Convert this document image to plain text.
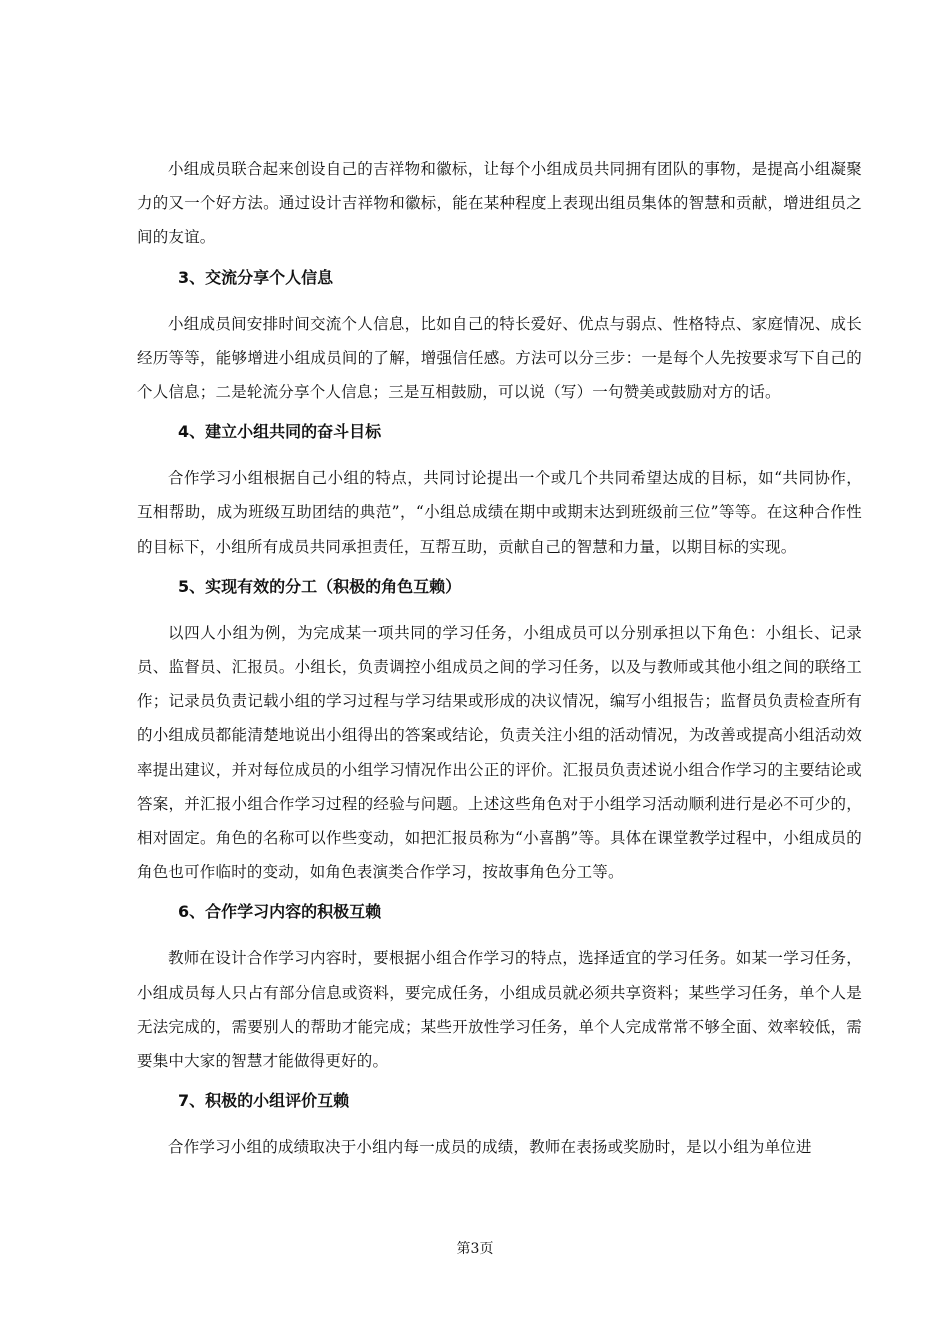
小组成员联合起来创设自己的吉祥物和徽标，让每个小组成员共同拥有团队的事物，是提高小组凝聚力的又一个好方法。通过设计吉祥物和徽标，能在某种程度上表现出组员集体的智慧和贡献，增进组员之间的友谊。

3、交流分享个人信息

小组成员间安排时间交流个人信息，比如自己的特长爱好、优点与弱点、性格特点、家庭情况、成长经历等等，能够增进小组成员间的了解，增强信任感。方法可以分三步：一是每个人先按要求写下自己的个人信息；二是轮流分享个人信息；三是互相鼓励，可以说（写）一句赞美或鼓励对方的话。

4、建立小组共同的奋斗目标

合作学习小组根据自己小组的特点，共同讨论提出一个或几个共同希望达成的目标，如“共同协作，互相帮助，成为班级互助团结的典范”，“小组总成绩在期中或期末达到班级前三位”等等。在这种合作性的目标下，小组所有成员共同承担责任，互帮互助，贡献自己的智慧和力量，以期目标的实现。

5、实现有效的分工（积极的角色互赖）

以四人小组为例，为完成某一项共同的学习任务，小组成员可以分别承担以下角色：小组长、记录员、监督员、汇报员。小组长，负责调控小组成员之间的学习任务，以及与教师或其他小组之间的联络工作；记录员负责记载小组的学习过程与学习结果或形成的决议情况，编写小组报告；监督员负责检查所有的小组成员都能清楚地说出小组得出的答案或结论，负责关注小组的活动情况，为改善或提高小组活动效率提出建议，并对每位成员的小组学习情况作出公正的评价。汇报员负责述说小组合作学习的主要结论或答案，并汇报小组合作学习过程的经验与问题。上述这些角色对于小组学习活动顺利进行是必不可少的，相对固定。角色的名称可以作些变动，如把汇报员称为“小喜鹊”等。具体在课堂教学过程中，小组成员的角色也可作临时的变动，如角色表演类合作学习，按故事角色分工等。

6、合作学习内容的积极互赖

教师在设计合作学习内容时，要根据小组合作学习的特点，选择适宜的学习任务。如某一学习任务，小组成员每人只占有部分信息或资料，要完成任务，小组成员就必须共享资料；某些学习任务，单个人是无法完成的，需要别人的帮助才能完成；某些开放性学习任务，单个人完成常常不够全面、效率较低，需要集中大家的智慧才能做得更好的。

7、积极的小组评价互赖

合作学习小组的成绩取决于小组内每一成员的成绩，教师在表扬或奖励时，是以小组为单位进

第3页
